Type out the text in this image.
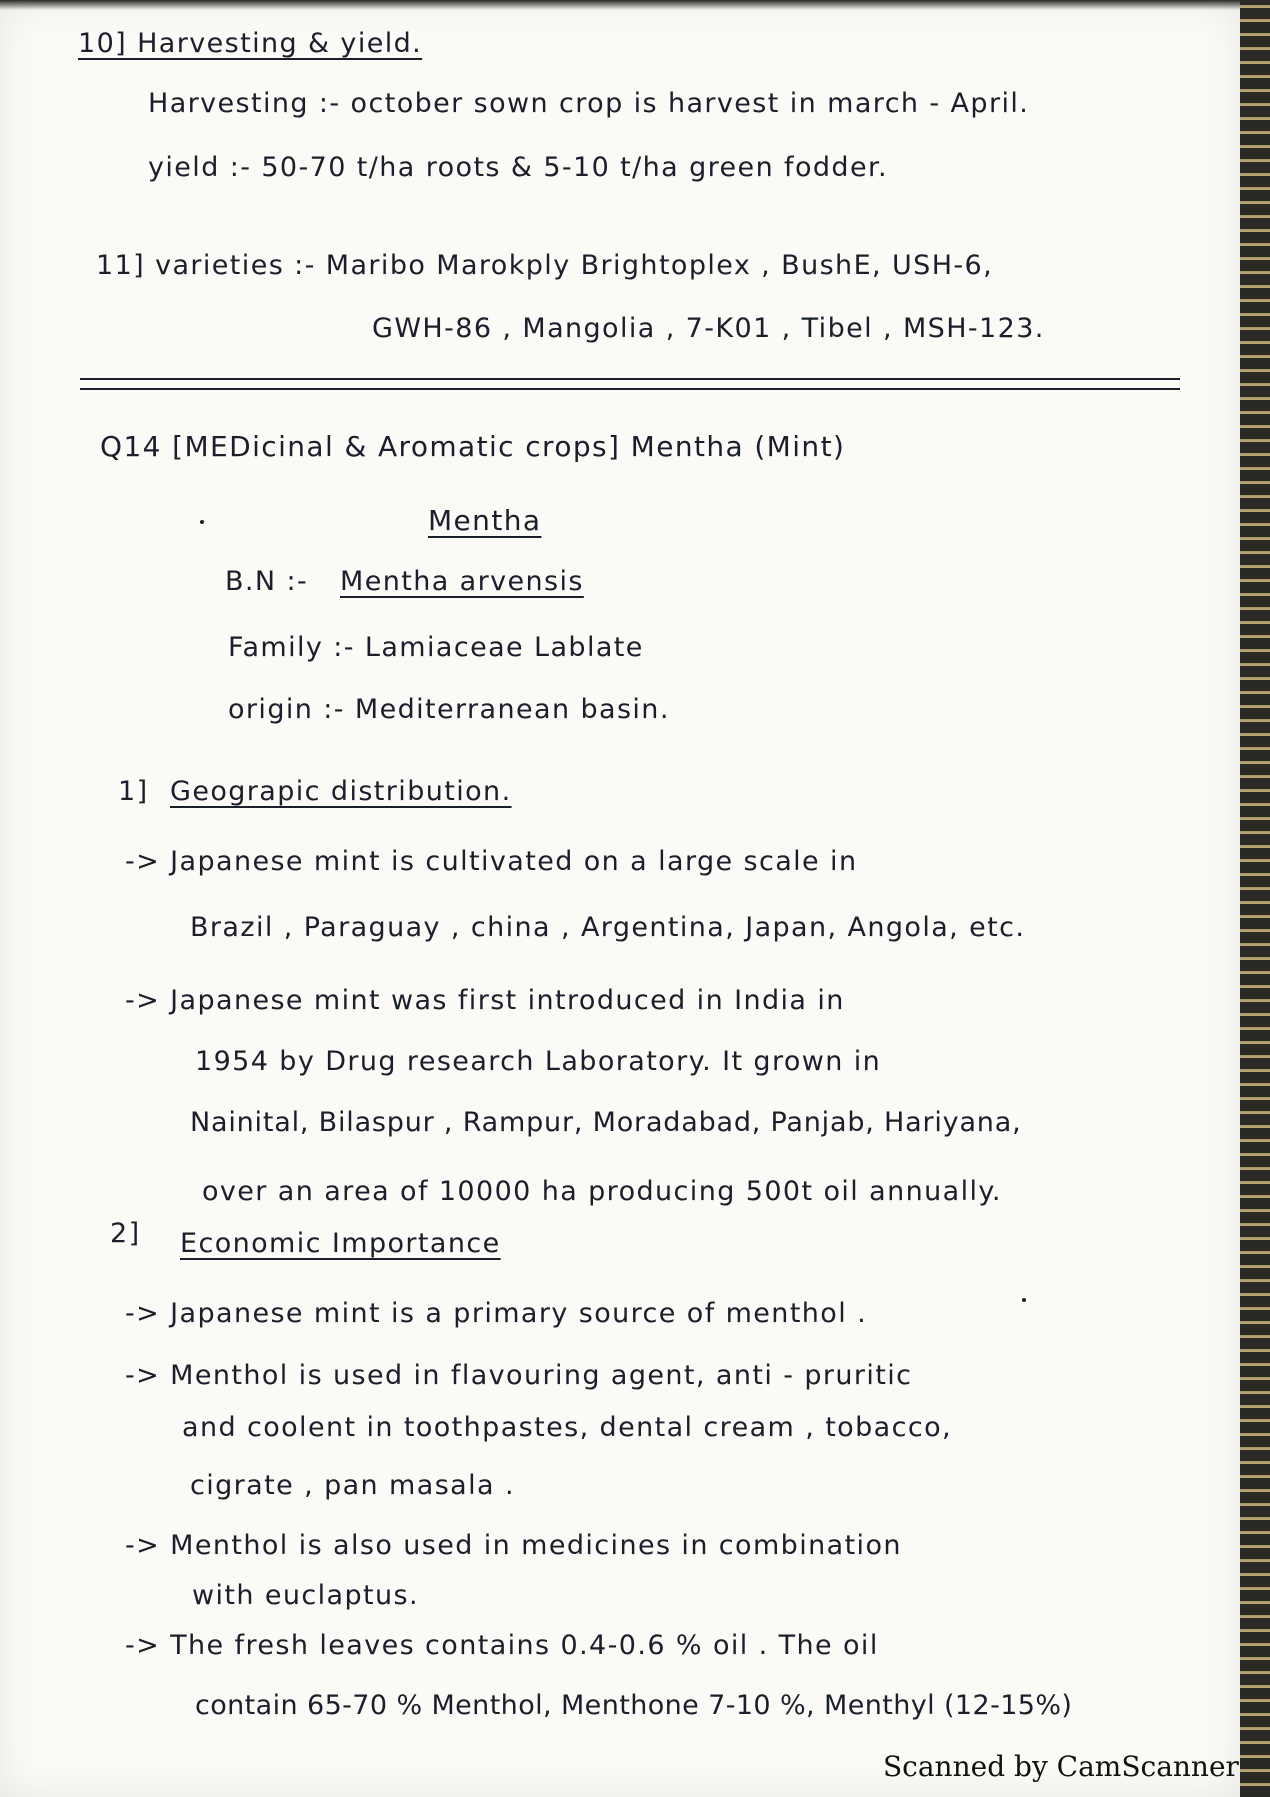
10] Harvesting & yield.
Harvesting :- october sown crop is harvest in march - April.
yield :- 50-70 t/ha roots & 5-10 t/ha green fodder.
11] varieties :- Maribo Marokply Brightoplex , BushE, USH-6,
GWH-86 , Mangolia , 7-K01 , Tibel , MSH-123.
Q14 [MEDicinal & Aromatic crops] Mentha (Mint)
Mentha
B.N :- Mentha arvensis
Family :- Lamiaceae Lablate
origin :- Mediterranean basin.
1] Geograpic distribution.
-> Japanese mint is cultivated on a large scale in
Brazil , Paraguay , china , Argentina, Japan, Angola, etc.
-> Japanese mint was first introduced in India in
1954 by Drug research Laboratory. It grown in
Nainital, Bilaspur , Rampur, Moradabad, Panjab, Hariyana,
over an area of 10000 ha producing 500t oil annually.
2] Economic Importance
-> Japanese mint is a primary source of menthol .
-> Menthol is used in flavouring agent, anti - pruritic
and coolent in toothpastes, dental cream , tobacco,
cigrate , pan masala .
-> Menthol is also used in medicines in combination
with euclaptus.
-> The fresh leaves contains 0.4-0.6 % oil . The oil
contain 65-70 % Menthol, Menthone 7-10 %, Menthyl (12-15%)
Scanned by CamScanner
